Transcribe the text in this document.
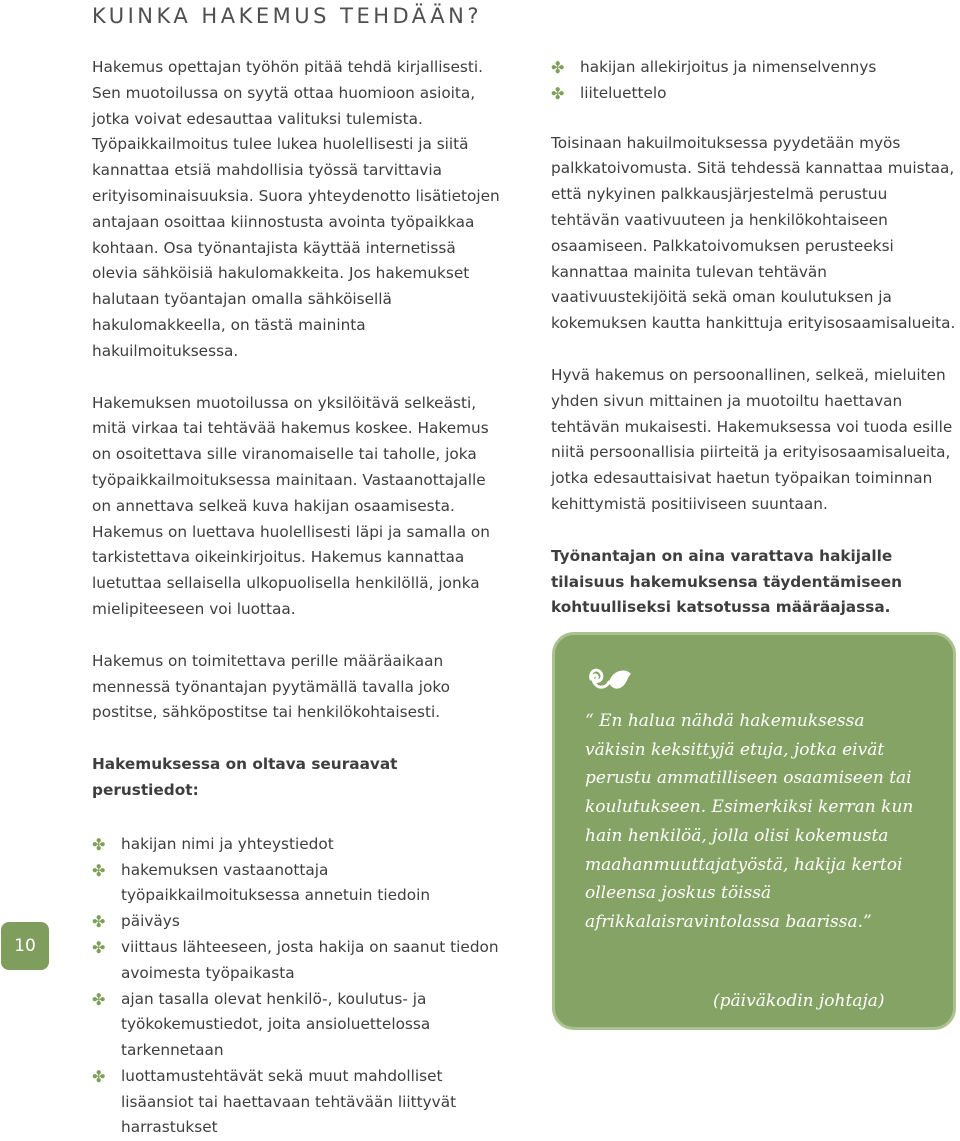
KUINKA HAKEMUS TEHDÄÄN?

Hakemus opettajan työhön pitää tehdä kirjallisesti. Sen muotoilussa on syytä ottaa huomioon asioita, jotka voivat edesauttaa valituksi tulemista. Työpaikkailmoitus tulee lukea huolellisesti ja siitä kannattaa etsiä mahdollisia työssä tarvittavia erityisominaisuuksia. Suora yhteydenotto lisätietojen antajaan osoittaa kiinnostusta avointa työpaikkaa kohtaan. Osa työnantajista käyttää internetissä olevia sähköisiä hakulomakkeita. Jos hakemukset halutaan työantajan omalla sähköisellä hakulomakkeella, on tästä maininta hakuilmoituksessa.

Hakemuksen muotoilussa on yksilöitävä selkeästi, mitä virkaa tai tehtävää hakemus koskee. Hakemus on osoitettava sille viranomaiselle tai taholle, joka työpaikkailmoituksessa mainitaan. Vastaanottajalle on annettava selkeä kuva hakijan osaamisesta. Hakemus on luettava huolellisesti läpi ja samalla on tarkistettava oikeinkirjoitus. Hakemus kannattaa luetuttaa sellaisella ulkopuolisella henkilöllä, jonka mielipiteeseen voi luottaa.

Hakemus on toimitettava perille määräaikaan mennessä työnantajan pyytämällä tavalla joko postitse, sähköpostitse tai henkilökohtaisesti.

Hakemuksessa on oltava seuraavat perustiedot:
✤ hakijan nimi ja yhteystiedot
✤ hakemuksen vastaanottaja työpaikkailmoituksessa annetuin tiedoin
✤ päiväys
✤ viittaus lähteeseen, josta hakija on saanut tiedon avoimesta työpaikasta
✤ ajan tasalla olevat henkilö-, koulutus- ja työkokemustiedot, joita ansioluettelossa tarkennetaan
✤ luottamustehtävät sekä muut mahdolliset lisäansiot tai haettavaan tehtävään liittyvät harrastukset
✤ hakijan allekirjoitus ja nimenselvennys
✤ liiteluettelo

Toisinaan hakuilmoituksessa pyydetään myös palkkatoivomusta. Sitä tehdessä kannattaa muistaa, että nykyinen palkkausjärjestelmä perustuu tehtävän vaativuuteen ja henkilökohtaiseen osaamiseen. Palkkatoivomuksen perusteeksi kannattaa mainita tulevan tehtävän vaativuustekijöitä sekä oman koulutuksen ja kokemuksen kautta hankittuja erityisosaamisalueita.

Hyvä hakemus on persoonallinen, selkeä, mieluiten yhden sivun mittainen ja muotoiltu haettavan tehtävän mukaisesti. Hakemuksessa voi tuoda esille niitä persoonallisia piirteitä ja erityisosaamisalueita, jotka edesauttaisivat haetun työpaikan toiminnan kehittymistä positiiviseen suuntaan.

Työnantajan on aina varattava hakijalle tilaisuus hakemuksensa täydentämiseen kohtuulliseksi katsotussa määräajassa.

10
“ En halua nähdä hakemuksessa väkisin keksittyjä etuja, jotka eivät perustu ammatilliseen osaamiseen tai koulutukseen. Esimerkiksi kerran kun hain henkilöä, jolla olisi kokemusta maahanmuuttajatyöstä, hakija kertoi olleensa joskus töissä afrikkalaisravintolassa baarissa.”
(päiväkodin johtaja)
